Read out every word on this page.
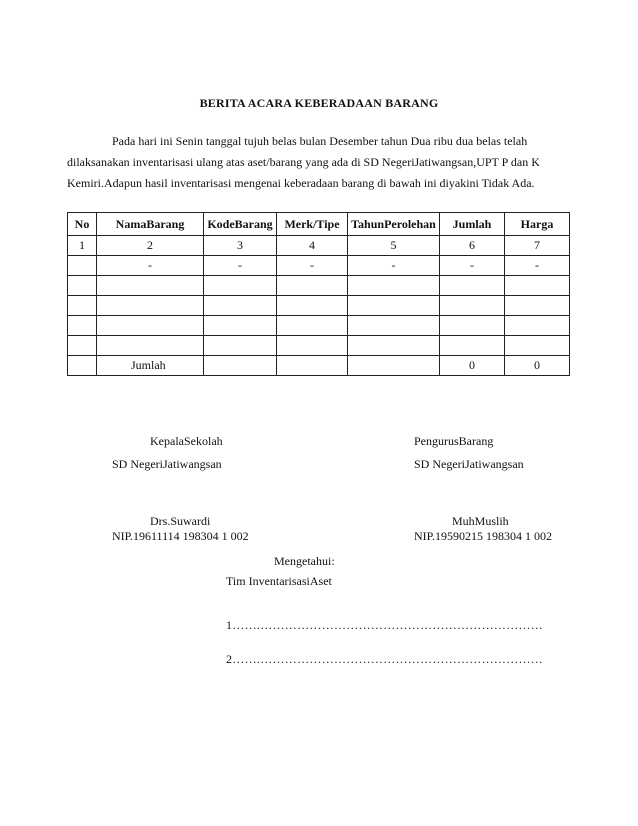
BERITA ACARA KEBERADAAN BARANG
Pada hari ini Senin tanggal tujuh belas bulan Desember tahun Dua ribu dua belas telah
dilaksanakan inventarisasi ulang atas aset/barang yang ada di SD NegeriJatiwangsan,UPT P dan K
Kemiri.Adapun hasil inventarisasi mengenai keberadaan barang di bawah ini diyakini Tidak Ada.
No	NamaBarang	KodeBarang	Merk/Tipe	TahunPerolehan	Jumlah	Harga
1	2	3	4	5	6	7
	-	-	-	-	-	-

	Jumlah				0	0
KepalaSekolah
SD NegeriJatiwangsan
Drs.Suwardi
NIP.19611114 198304 1 002
PengurusBarang
SD NegeriJatiwangsan
MuhMuslih
NIP.19590215 198304 1 002
Mengetahui:
Tim InventarisasiAset
1…….……………………………………………………………
2…….……………………………………………………………
